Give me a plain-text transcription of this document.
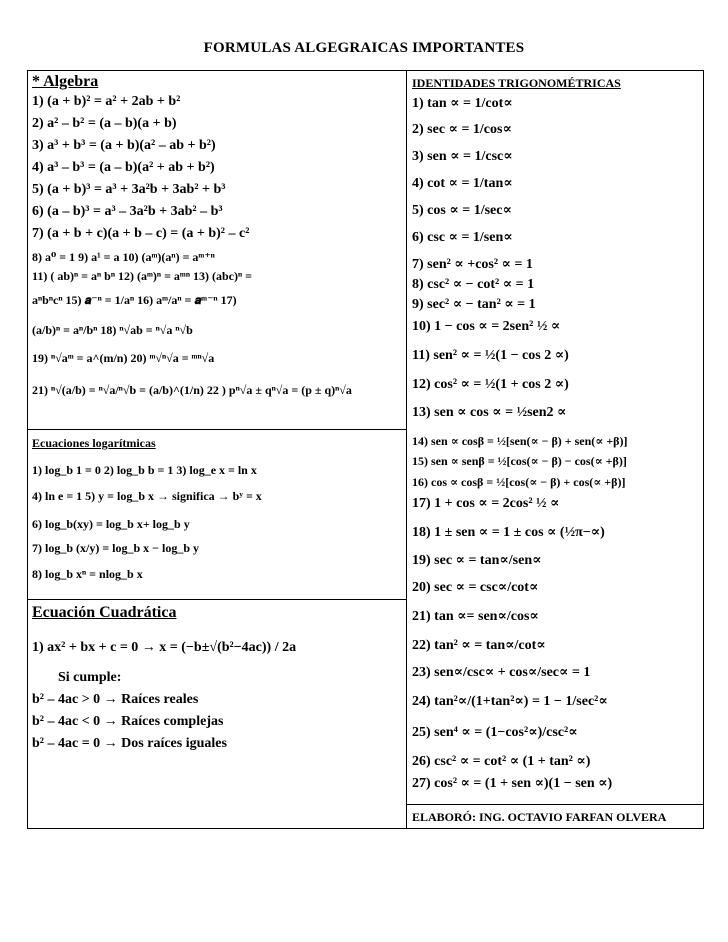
FORMULAS ALGEGRAICAS IMPORTANTES
* Algebra
1) (a + b)² = a² + 2ab + b²
2) a² – b² = (a – b)(a + b)
3) a³ + b³ = (a + b)(a² – ab + b²)
4) a³ – b³ = (a – b)(a² + ab + b²)
5) (a + b)³ = a³ + 3a²b + 3ab² + b³
6) (a – b)³ = a³ – 3a²b + 3ab² – b³
7) (a + b + c)(a + b – c) = (a + b)² – c²
8) a⁰ = 1 9) a¹ = a 10) (aᵐ)(aⁿ) = aᵐ⁺ⁿ
11) ( ab)ⁿ = aⁿ bⁿ 12) (aᵐ)ⁿ = aᵐⁿ 13) (abc)ⁿ =
aⁿbⁿcⁿ 15) 𝒂⁻ⁿ = 1/aⁿ 16) aᵐ/aⁿ = 𝒂ᵐ⁻ⁿ 17)
(a/b)ⁿ = aⁿ/bⁿ 18) ⁿ√ab = ⁿ√a ⁿ√b
19) ⁿ√aᵐ = a^(m/n) 20) ᵐ√ⁿ√a = ᵐⁿ√a
21) ⁿ√(a/b) = ⁿ√a/ⁿ√b = (a/b)^(1/n) 22 ) pⁿ√a ± qⁿ√a = (p ± q)ⁿ√a
Ecuaciones logarítmicas
1) log_b 1 = 0 2) log_b b = 1 3) log_e x = ln x
4) ln e = 1 5) y = log_b x → significa → bʸ = x
6) log_b(xy) = log_b x+ log_b y
7) log_b (x/y) = log_b x − log_b y
8) log_b xⁿ = nlog_b x
Ecuación Cuadrática
1) ax² + bx + c = 0 → x = (−b±√(b²−4ac)) / 2a
Si cumple:
b² – 4ac > 0 → Raíces reales
b² – 4ac < 0 → Raíces complejas
b² – 4ac = 0 → Dos raíces iguales
IDENTIDADES TRIGONOMÉTRICAS
1) tan ∝ = 1/cot∝
2) sec ∝ = 1/cos∝
3) sen ∝ = 1/csc∝
4) cot ∝ = 1/tan∝
5) cos ∝ = 1/sec∝
6) csc ∝ = 1/sen∝
7) sen² ∝ +cos² ∝ = 1
8) csc² ∝ − cot² ∝ = 1
9) sec² ∝ − tan² ∝ = 1
10) 1 − cos ∝ = 2sen² ½ ∝
11) sen² ∝ = ½(1 − cos 2 ∝)
12) cos² ∝ = ½(1 + cos 2 ∝)
13) sen ∝ cos ∝ = ½sen2 ∝
14) sen ∝ cosβ = ½[sen(∝ − β) + sen(∝ +β)]
15) sen ∝ senβ = ½[cos(∝ − β) − cos(∝ +β)]
16) cos ∝ cosβ = ½[cos(∝ − β) + cos(∝ +β)]
17) 1 + cos ∝ = 2cos² ½ ∝
18) 1 ± sen ∝ = 1 ± cos ∝ (½π−∝)
19) sec ∝ = tan∝/sen∝
20) sec ∝ = csc∝/cot∝
21) tan ∝= sen∝/cos∝
22) tan² ∝ = tan∝/cot∝
23) sen∝/csc∝ + cos∝/sec∝ = 1
24) tan²∝/(1+tan²∝) = 1 − 1/sec²∝
25) sen⁴ ∝ = (1−cos²∝)/csc²∝
26) csc² ∝ = cot² ∝ (1 + tan² ∝)
27) cos² ∝ = (1 + sen ∝)(1 − sen ∝)
ELABORÓ: ING. OCTAVIO FARFAN OLVERA
